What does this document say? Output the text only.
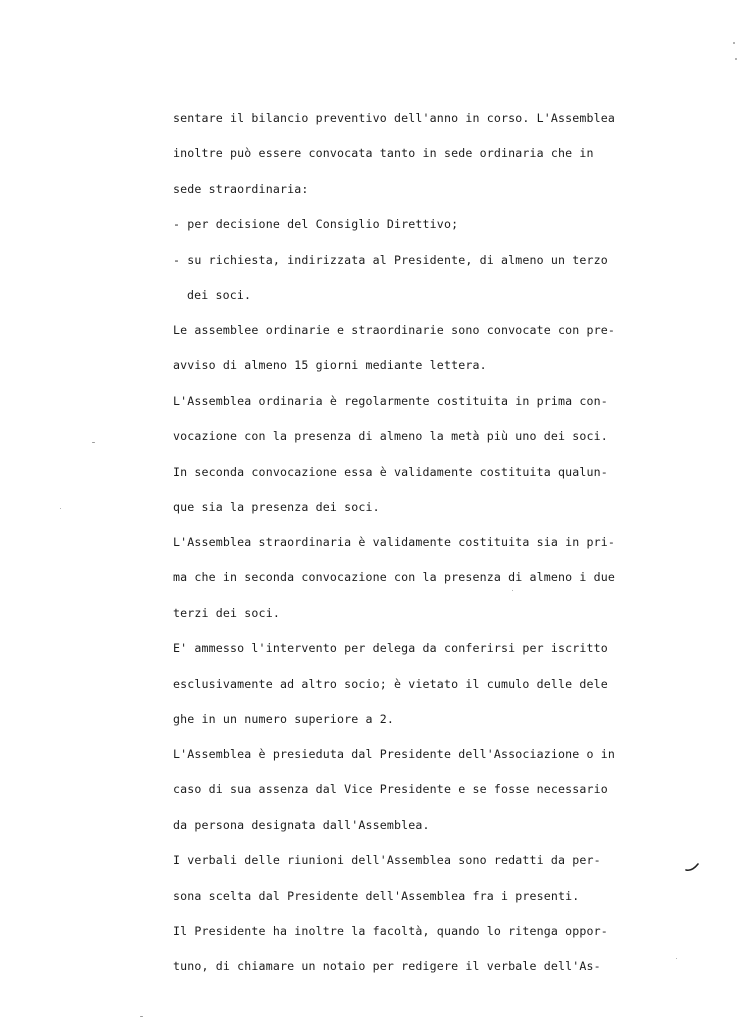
sentare il bilancio preventivo dell'anno in corso. L'Assemblea
inoltre può essere convocata tanto in sede ordinaria che in
sede straordinaria:
- per decisione del Consiglio Direttivo;
- su richiesta, indirizzata al Presidente, di almeno un terzo
dei soci.
Le assemblee ordinarie e straordinarie sono convocate con pre-
avviso di almeno 15 giorni mediante lettera.
L'Assemblea ordinaria è regolarmente costituita in prima con-
vocazione con la presenza di almeno la metà più uno dei soci.
In seconda convocazione essa è validamente costituita qualun-
que sia la presenza dei soci.
L'Assemblea straordinaria è validamente costituita sia in pri-
ma che in seconda convocazione con la presenza di almeno i due
terzi dei soci.
E' ammesso l'intervento per delega da conferirsi per iscritto
esclusivamente ad altro socio; è vietato il cumulo delle dele
ghe in un numero superiore a 2.
L'Assemblea è presieduta dal Presidente dell'Associazione o in
caso di sua assenza dal Vice Presidente e se fosse necessario
da persona designata dall'Assemblea.
I verbali delle riunioni dell'Assemblea sono redatti da per-
sona scelta dal Presidente dell'Assemblea fra i presenti.
Il Presidente ha inoltre la facoltà, quando lo ritenga oppor-
tuno, di chiamare un notaio per redigere il verbale dell'As-
